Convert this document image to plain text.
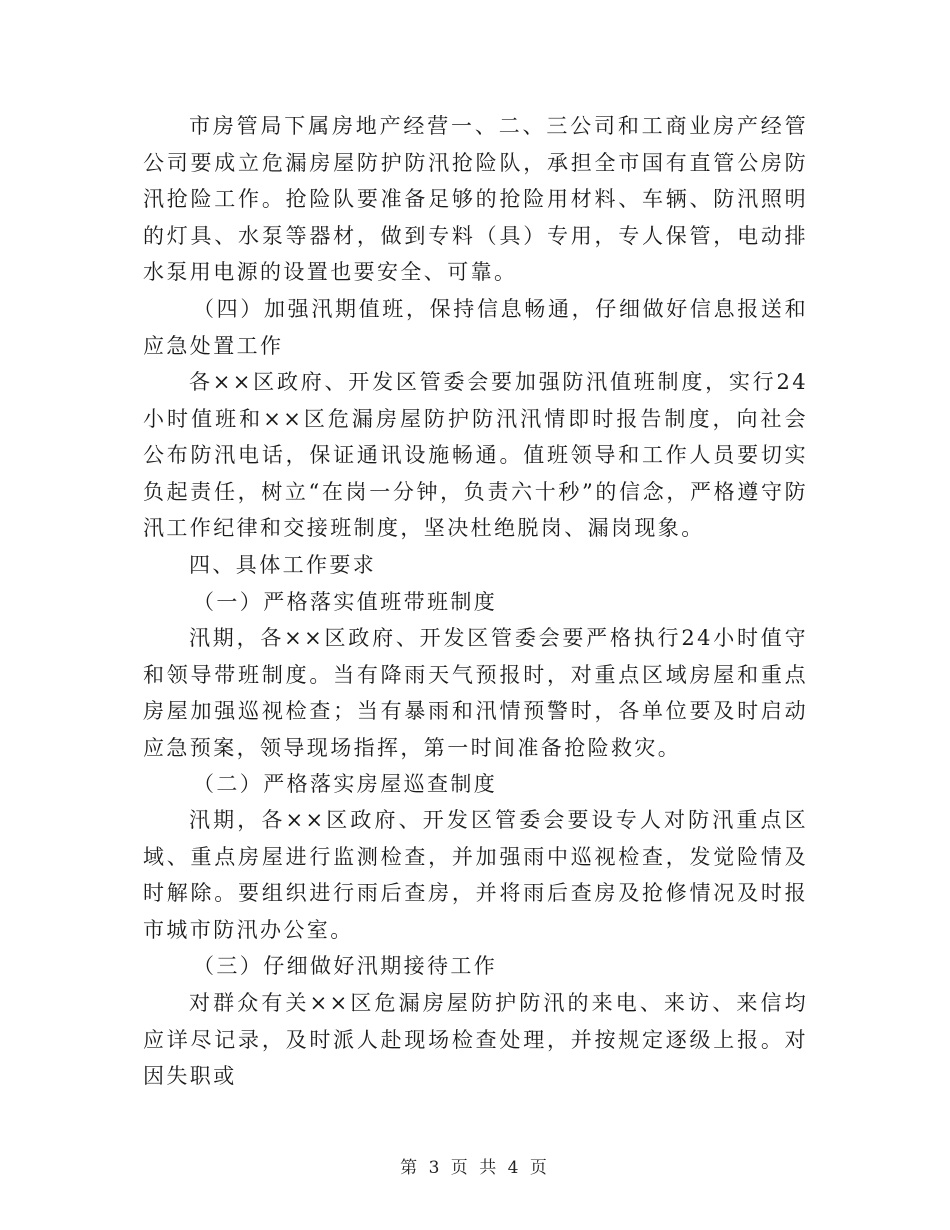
市房管局下属房地产经营一、二、三公司和工商业房产经管公司要成立危漏房屋防护防汛抢险队，承担全市国有直管公房防汛抢险工作。抢险队要准备足够的抢险用材料、车辆、防汛照明的灯具、水泵等器材，做到专料（具）专用，专人保管，电动排水泵用电源的设置也要安全、可靠。

（四）加强汛期值班，保持信息畅通，仔细做好信息报送和应急处置工作

各××区政府、开发区管委会要加强防汛值班制度，实行24小时值班和××区危漏房屋防护防汛汛情即时报告制度，向社会公布防汛电话，保证通讯设施畅通。值班领导和工作人员要切实负起责任，树立“在岗一分钟，负责六十秒”的信念，严格遵守防汛工作纪律和交接班制度，坚决杜绝脱岗、漏岗现象。

四、具体工作要求

（一）严格落实值班带班制度

汛期，各××区政府、开发区管委会要严格执行24小时值守和领导带班制度。当有降雨天气预报时，对重点区域房屋和重点房屋加强巡视检查；当有暴雨和汛情预警时，各单位要及时启动应急预案，领导现场指挥，第一时间准备抢险救灾。

（二）严格落实房屋巡查制度

汛期，各××区政府、开发区管委会要设专人对防汛重点区域、重点房屋进行监测检查，并加强雨中巡视检查，发觉险情及时解除。要组织进行雨后查房，并将雨后查房及抢修情况及时报市城市防汛办公室。

（三）仔细做好汛期接待工作

对群众有关××区危漏房屋防护防汛的来电、来访、来信均应详尽记录，及时派人赴现场检查处理，并按规定逐级上报。对因失职或

第 3 页 共 4 页
